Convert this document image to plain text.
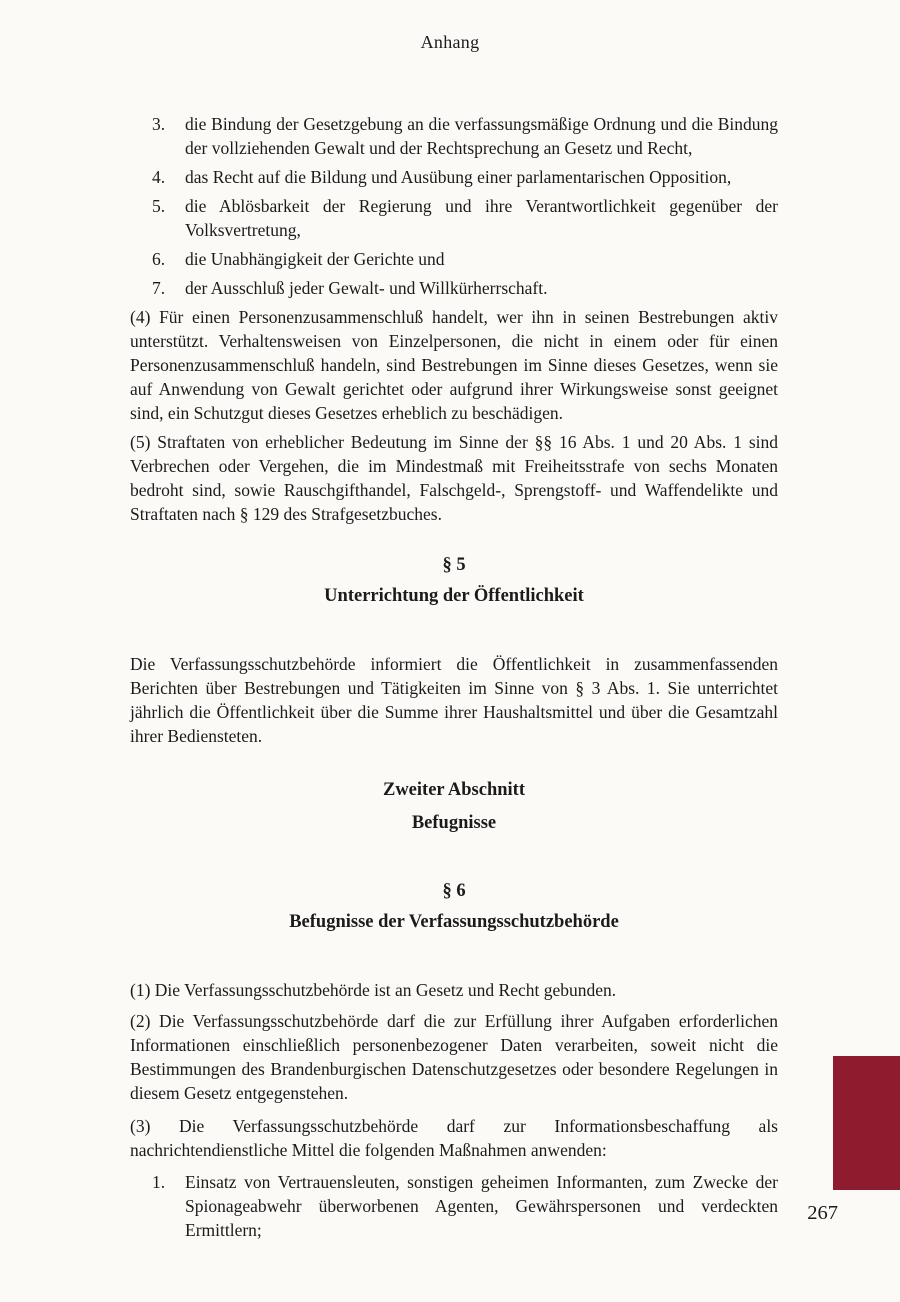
Anhang
3.	die Bindung der Gesetzgebung an die verfassungsmäßige Ordnung und die Bindung der vollziehenden Gewalt und der Rechtsprechung an Gesetz und Recht,
4.	das Recht auf die Bildung und Ausübung einer parlamentarischen Opposition,
5.	die Ablösbarkeit der Regierung und ihre Verantwortlichkeit gegenüber der Volksvertretung,
6.	die Unabhängigkeit der Gerichte und
7.	der Ausschluß jeder Gewalt- und Willkürherrschaft.

(4) Für einen Personenzusammenschluß handelt, wer ihn in seinen Bestrebungen aktiv unterstützt. Verhaltensweisen von Einzelpersonen, die nicht in einem oder für einen Personenzusammenschluß handeln, sind Bestrebungen im Sinne dieses Gesetzes, wenn sie auf Anwendung von Gewalt gerichtet oder aufgrund ihrer Wirkungsweise sonst geeignet sind, ein Schutzgut dieses Gesetzes erheblich zu beschädigen.

(5) Straftaten von erheblicher Bedeutung im Sinne der §§ 16 Abs. 1 und 20 Abs. 1 sind Verbrechen oder Vergehen, die im Mindestmaß mit Freiheitsstrafe von sechs Monaten bedroht sind, sowie Rauschgifthandel, Falschgeld-, Sprengstoff- und Waffendelikte und Straftaten nach § 129 des Strafgesetzbuches.

§ 5
Unterrichtung der Öffentlichkeit

Die Verfassungsschutzbehörde informiert die Öffentlichkeit in zusammenfassenden Berichten über Bestrebungen und Tätigkeiten im Sinne von § 3 Abs. 1. Sie unterrichtet jährlich die Öffentlichkeit über die Summe ihrer Haushaltsmittel und über die Gesamtzahl ihrer Bediensteten.

Zweiter Abschnitt
Befugnisse
§ 6
Befugnisse der Verfassungsschutzbehörde

(1) Die Verfassungsschutzbehörde ist an Gesetz und Recht gebunden.

(2) Die Verfassungsschutzbehörde darf die zur Erfüllung ihrer Aufgaben erforderlichen Informationen einschließlich personenbezogener Daten verarbeiten, soweit nicht die Bestimmungen des Brandenburgischen Datenschutzgesetzes oder besondere Regelungen in diesem Gesetz entgegenstehen.

(3) Die Verfassungsschutzbehörde darf zur Informationsbeschaffung als nachrichtendienstliche Mittel die folgenden Maßnahmen anwenden:

1.	Einsatz von Vertrauensleuten, sonstigen geheimen Informanten, zum Zwecke der Spionageabwehr überworbenen Agenten, Gewährspersonen und verdeckten Ermittlern;
267
